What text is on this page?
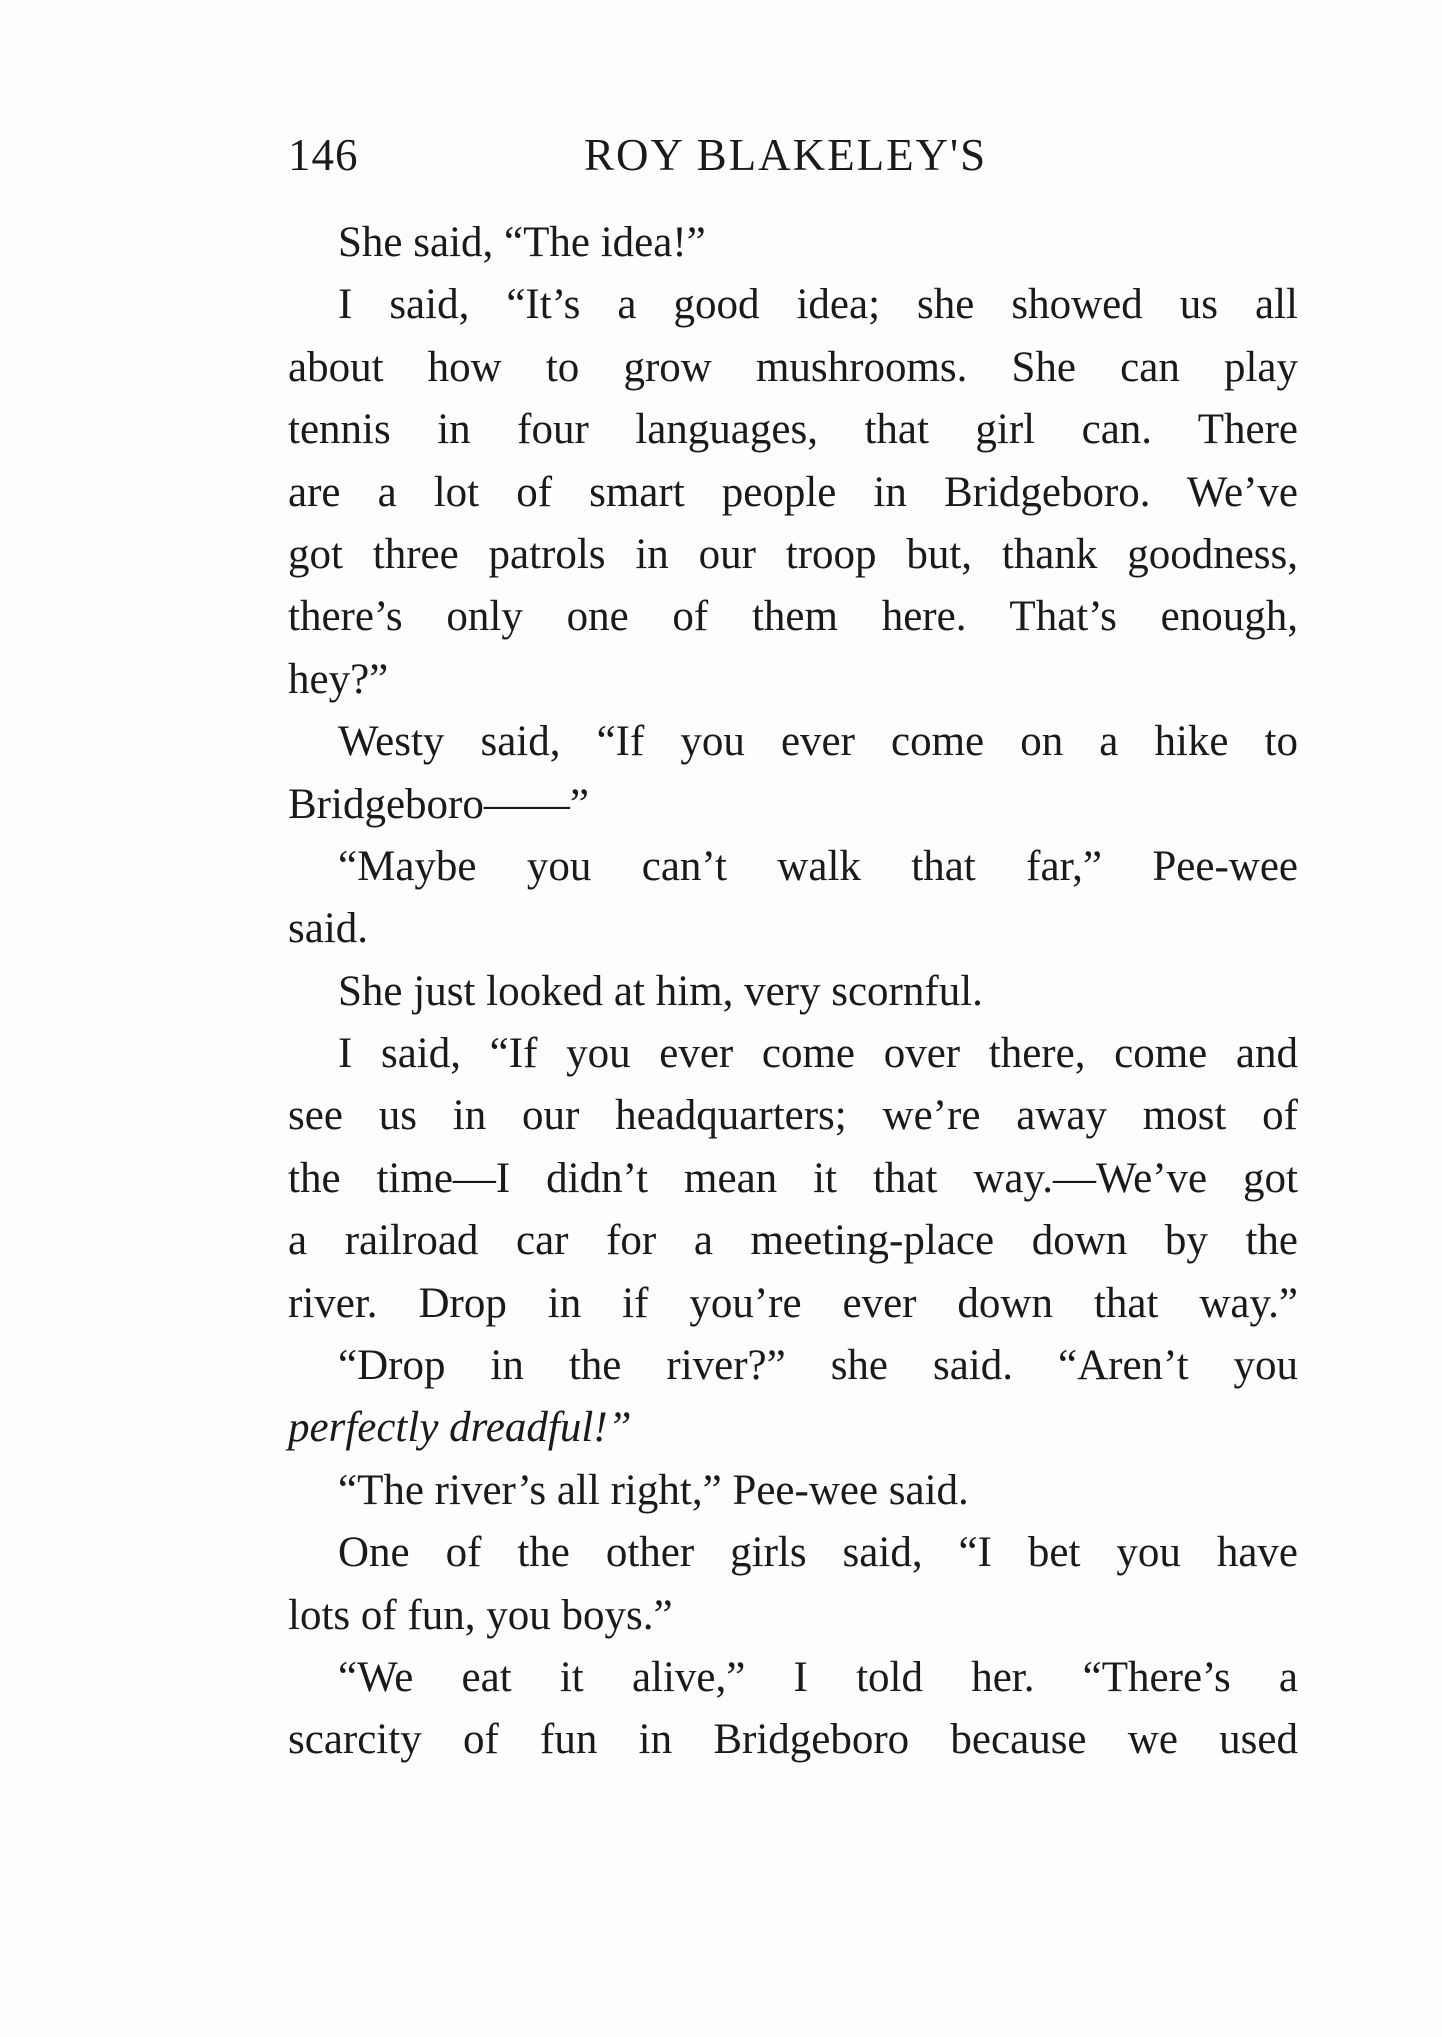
146	ROY BLAKELEY'S
She said, “The idea!”
I said, “It’s a good idea; she showed us all
about how to grow mushrooms. She can play
tennis in four languages, that girl can. There
are a lot of smart people in Bridgeboro. We’ve
got three patrols in our troop but, thank goodness,
there’s only one of them here. That’s enough,
hey?”
Westy said, “If you ever come on a hike to
Bridgeboro——”
“Maybe you can’t walk that far,” Pee-wee
said.
She just looked at him, very scornful.
I said, “If you ever come over there, come and
see us in our headquarters; we’re away most of
the time—I didn’t mean it that way.—We’ve got
a railroad car for a meeting-place down by the
river. Drop in if you’re ever down that way.”
“Drop in the river?” she said. “Aren’t you
perfectly dreadful!”
“The river’s all right,” Pee-wee said.
One of the other girls said, “I bet you have
lots of fun, you boys.”
“We eat it alive,” I told her. “There’s a
scarcity of fun in Bridgeboro because we used
